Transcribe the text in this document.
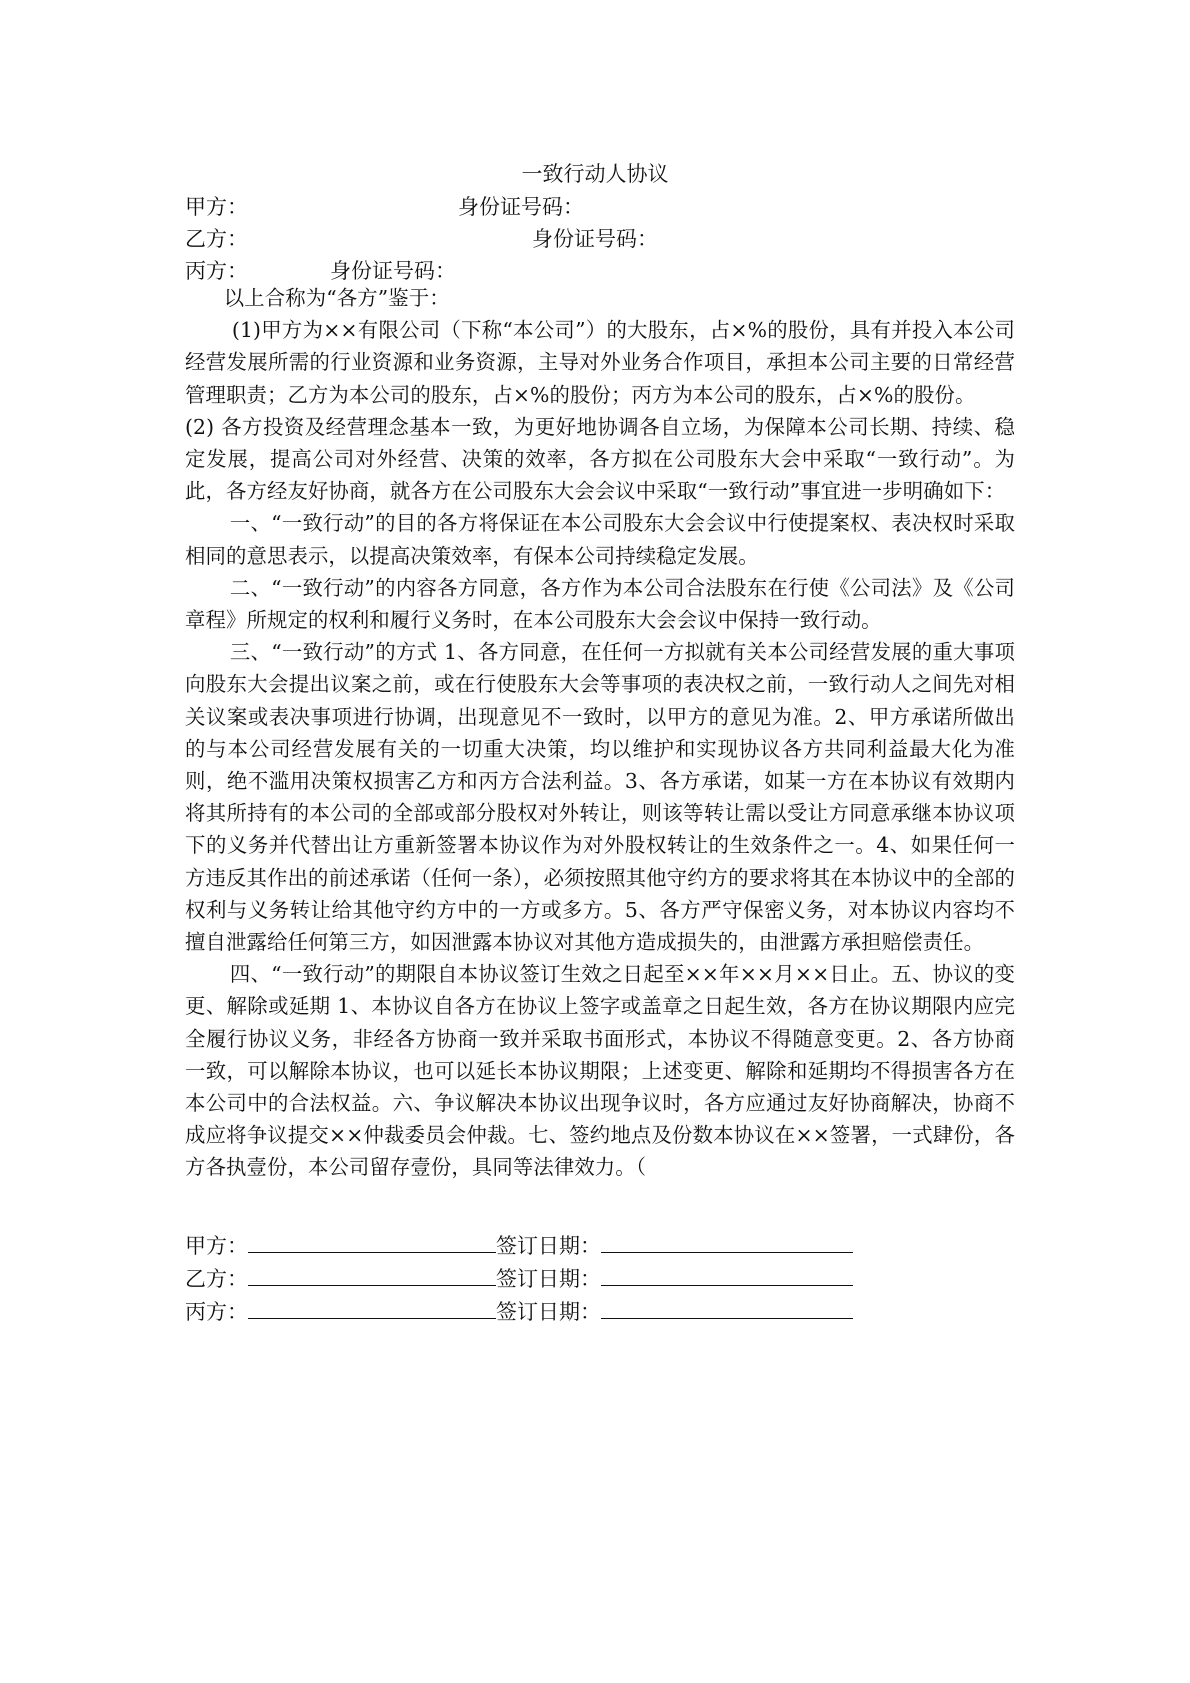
一致行动人协议
甲方：	身份证号码：
乙方：	身份证号码：
丙方：	身份证号码：

以上合称为“各方”鉴于：

(1)甲方为××有限公司（下称“本公司”）的大股东，占×%的股份，具有并投入本公司经营发展所需的行业资源和业务资源，主导对外业务合作项目，承担本公司主要的日常经营管理职责；乙方为本公司的股东，占×%的股份；丙方为本公司的股东，占×%的股份。

(2) 各方投资及经营理念基本一致，为更好地协调各自立场，为保障本公司长期、持续、稳定发展，提高公司对外经营、决策的效率，各方拟在公司股东大会中采取“一致行动”。为此，各方经友好协商，就各方在公司股东大会会议中采取“一致行动”事宜进一步明确如下：

一、“一致行动”的目的各方将保证在本公司股东大会会议中行使提案权、表决权时采取相同的意思表示，以提高决策效率，有保本公司持续稳定发展。

二、“一致行动”的内容各方同意，各方作为本公司合法股东在行使《公司法》及《公司章程》所规定的权利和履行义务时，在本公司股东大会会议中保持一致行动。

三、“一致行动”的方式 1、各方同意，在任何一方拟就有关本公司经营发展的重大事项向股东大会提出议案之前，或在行使股东大会等事项的表决权之前，一致行动人之间先对相关议案或表决事项进行协调，出现意见不一致时，以甲方的意见为准。2、甲方承诺所做出的与本公司经营发展有关的一切重大决策，均以维护和实现协议各方共同利益最大化为准则，绝不滥用决策权损害乙方和丙方合法利益。3、各方承诺，如某一方在本协议有效期内将其所持有的本公司的全部或部分股权对外转让，则该等转让需以受让方同意承继本协议项下的义务并代替出让方重新签署本协议作为对外股权转让的生效条件之一。4、如果任何一方违反其作出的前述承诺（任何一条），必须按照其他守约方的要求将其在本协议中的全部的权利与义务转让给其他守约方中的一方或多方。5、各方严守保密义务，对本协议内容均不擅自泄露给任何第三方，如因泄露本协议对其他方造成损失的，由泄露方承担赔偿责任。

四、“一致行动”的期限自本协议签订生效之日起至××年××月××日止。五、协议的变更、解除或延期 1、本协议自各方在协议上签字或盖章之日起生效，各方在协议期限内应完全履行协议义务，非经各方协商一致并采取书面形式，本协议不得随意变更。2、各方协商一致，可以解除本协议，也可以延长本协议期限；上述变更、解除和延期均不得损害各方在本公司中的合法权益。六、争议解决本协议出现争议时，各方应通过友好协商解决，协商不成应将争议提交××仲裁委员会仲裁。七、签约地点及份数本协议在××签署，一式肆份，各方各执壹份，本公司留存壹份，具同等法律效力。（

甲方：	签订日期：
乙方：	签订日期：
丙方：	签订日期：
